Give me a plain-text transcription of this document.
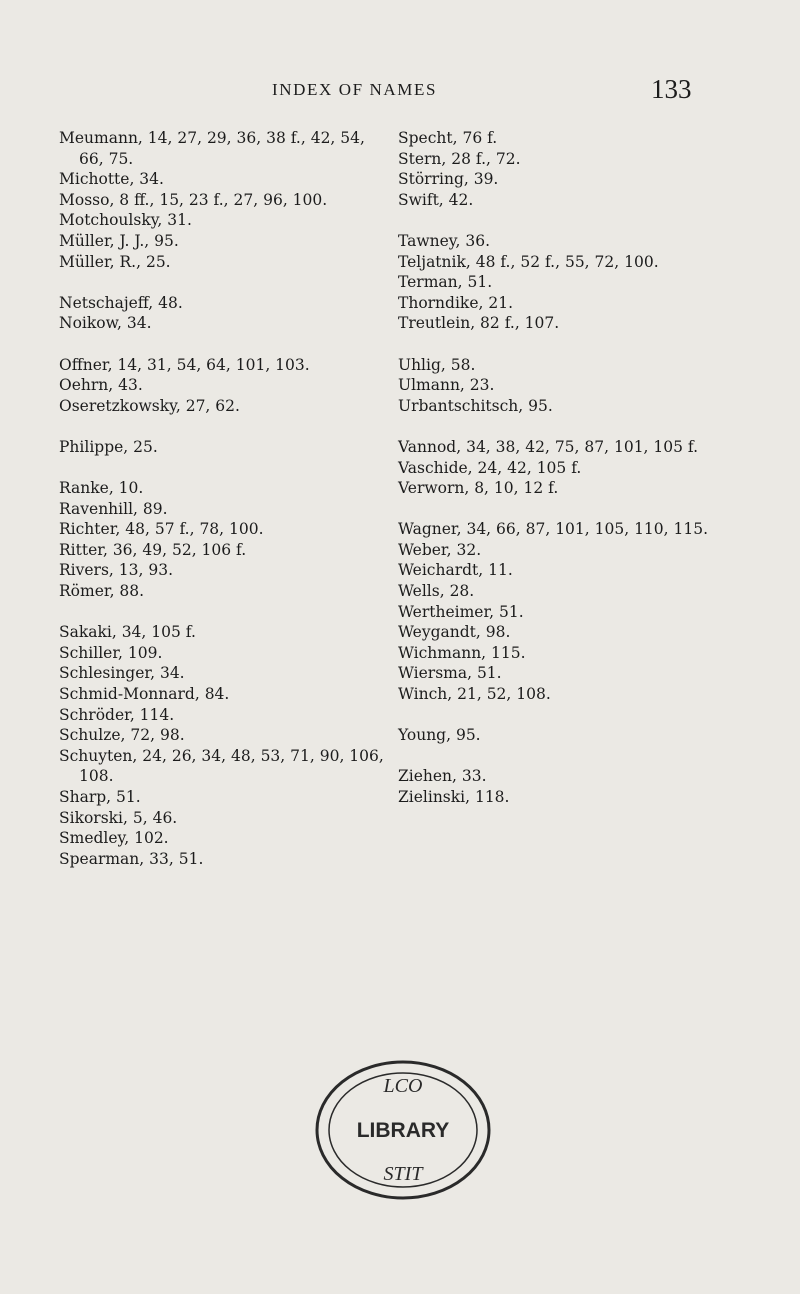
INDEX OF NAMES	133
Meumann, 14, 27, 29, 36, 38 f., 42, 54, 66, 75.
Michotte, 34.
Mosso, 8 ff., 15, 23 f., 27, 96, 100.
Motchoulsky, 31.
Müller, J. J., 95.
Müller, R., 25.
Netschajeff, 48.
Noikow, 34.
Offner, 14, 31, 54, 64, 101, 103.
Oehrn, 43.
Oseretzkowsky, 27, 62.
Philippe, 25.
Ranke, 10.
Ravenhill, 89.
Richter, 48, 57 f., 78, 100.
Ritter, 36, 49, 52, 106 f.
Rivers, 13, 93.
Römer, 88.
Sakaki, 34, 105 f.
Schiller, 109.
Schlesinger, 34.
Schmid-Monnard, 84.
Schröder, 114.
Schulze, 72, 98.
Schuyten, 24, 26, 34, 48, 53, 71, 90, 106, 108.
Sharp, 51.
Sikorski, 5, 46.
Smedley, 102.
Spearman, 33, 51.
Specht, 76 f.
Stern, 28 f., 72.
Störring, 39.
Swift, 42.
Tawney, 36.
Teljatnik, 48 f., 52 f., 55, 72, 100.
Terman, 51.
Thorndike, 21.
Treutlein, 82 f., 107.
Uhlig, 58.
Ulmann, 23.
Urbantschitsch, 95.
Vannod, 34, 38, 42, 75, 87, 101, 105 f.
Vaschide, 24, 42, 105 f.
Verworn, 8, 10, 12 f.
Wagner, 34, 66, 87, 101, 105, 110, 115.
Weber, 32.
Weichardt, 11.
Wells, 28.
Wertheimer, 51.
Weygandt, 98.
Wichmann, 115.
Wiersma, 51.
Winch, 21, 52, 108.
Young, 95.
Ziehen, 33.
Zielinski, 118.
LCO
LIBRARY
STIT
